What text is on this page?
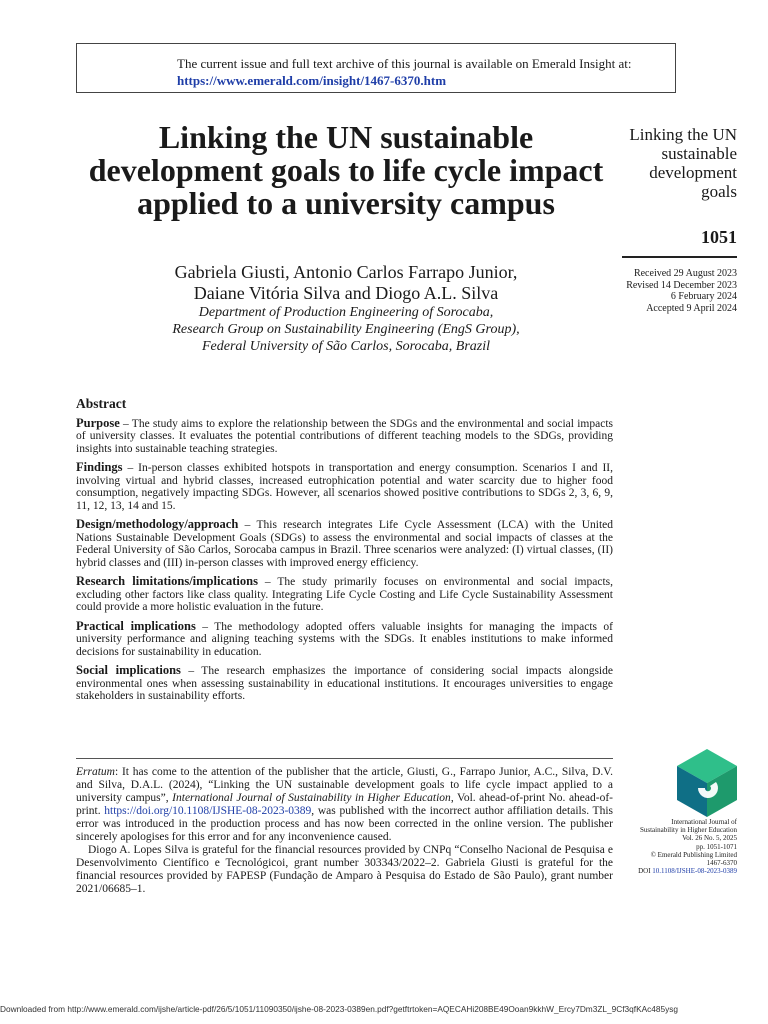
The current issue and full text archive of this journal is available on Emerald Insight at:
https://www.emerald.com/insight/1467-6370.htm
Linking the UN sustainable development goals to life cycle impact applied to a university campus
Gabriela Giusti, Antonio Carlos Farrapo Junior,
Daiane Vitória Silva and Diogo A.L. Silva
Department of Production Engineering of Sorocaba,
Research Group on Sustainability Engineering (EngS Group),
Federal University of São Carlos, Sorocaba, Brazil
Linking the UN
sustainable
development
goals
1051
Received 29 August 2023
Revised 14 December 2023
6 February 2024
Accepted 9 April 2024
Abstract

Purpose – The study aims to explore the relationship between the SDGs and the environmental and social impacts of university classes. It evaluates the potential contributions of different teaching models to the SDGs, providing insights into sustainable teaching strategies.

Findings – In-person classes exhibited hotspots in transportation and energy consumption. Scenarios I and II, involving virtual and hybrid classes, increased eutrophication potential and water scarcity due to higher food consumption, negatively impacting SDGs. However, all scenarios showed positive contributions to SDGs 2, 3, 6, 9, 11, 12, 13, 14 and 15.

Design/methodology/approach – This research integrates Life Cycle Assessment (LCA) with the United Nations Sustainable Development Goals (SDGs) to assess the environmental and social impacts of classes at the Federal University of São Carlos, Sorocaba campus in Brazil. Three scenarios were analyzed: (I) virtual classes, (II) hybrid classes and (III) in-person classes with improved energy efficiency.

Research limitations/implications – The study primarily focuses on environmental and social impacts, excluding other factors like class quality. Integrating Life Cycle Costing and Life Cycle Sustainability Assessment could provide a more holistic evaluation in the future.

Practical implications – The methodology adopted offers valuable insights for managing the impacts of university performance and aligning teaching systems with the SDGs. It enables institutions to make informed decisions for sustainability in education.

Social implications – The research emphasizes the importance of considering social impacts alongside environmental ones when assessing sustainability in educational institutions. It encourages universities to engage stakeholders in sustainability efforts.

Erratum: It has come to the attention of the publisher that the article, Giusti, G., Farrapo Junior, A.C., Silva, D.V. and Silva, D.A.L. (2024), “Linking the UN sustainable development goals to life cycle impact applied to a university campus”, International Journal of Sustainability in Higher Education, Vol. ahead-of-print No. ahead-of-print. https://doi.org/10.1108/IJSHE-08-2023-0389, was published with the incorrect author affiliation details. This error was introduced in the production process and has now been corrected in the online version. The publisher sincerely apologises for this error and for any inconvenience caused.

Diogo A. Lopes Silva is grateful for the financial resources provided by CNPq “Conselho Nacional de Pesquisa e Desenvolvimento Científico e Tecnológicoi, grant number 303343/2022–2. Gabriela Giusti is grateful for the financial resources provided by FAPESP (Fundação de Amparo à Pesquisa do Estado de São Paulo), grant number 2021/06685–1.

International Journal of
Sustainability in Higher Education
Vol. 26 No. 5, 2025
pp. 1051-1071
© Emerald Publishing Limited
1467-6370
DOI 10.1108/IJSHE-08-2023-0389
Downloaded from http://www.emerald.com/ijshe/article-pdf/26/5/1051/11090350/ijshe-08-2023-0389en.pdf?getftrtoken=AQECAHi208BE49Ooan9kkhW_Ercy7Dm3ZL_9Cf3qfKAc485ysg
